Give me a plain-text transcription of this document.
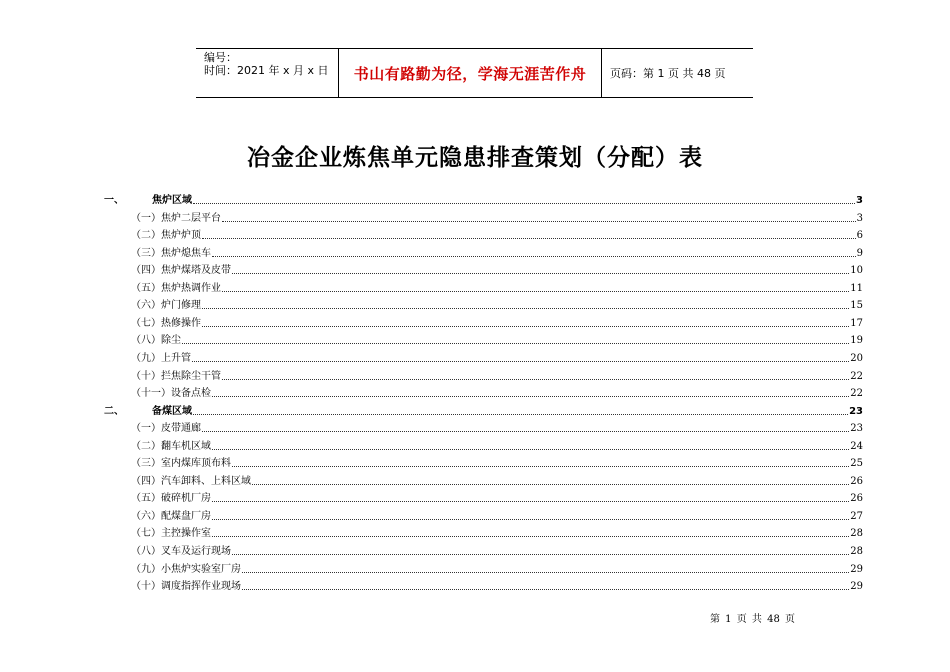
编号：
时间：2021 年 x 月 x 日	书山有路勤为径，学海无涯苦作舟	页码：第 1 页 共 48 页
冶金企业炼焦单元隐患排查策划（分配）表
一、	焦炉区域	3
（一） 焦炉二层平台	3
（二） 焦炉炉顶	6
（三） 焦炉熄焦车	9
（四） 焦炉煤塔及皮带	10
（五） 焦炉热调作业	11
（六） 炉门修理	15
（七） 热修操作	17
（八） 除尘	19
（九） 上升管	20
（十） 拦焦除尘干管	22
（十一） 设备点检	22
二、	备煤区域	23
（一） 皮带通廊	23
（二） 翻车机区域	24
（三） 室内煤库顶布料	25
（四） 汽车卸料、上料区域	26
（五） 破碎机厂房	26
（六） 配煤盘厂房	27
（七） 主控操作室	28
（八） 叉车及运行现场	28
（九） 小焦炉实验室厂房	29
（十） 调度指挥作业现场	29
第 1 页 共 48 页
